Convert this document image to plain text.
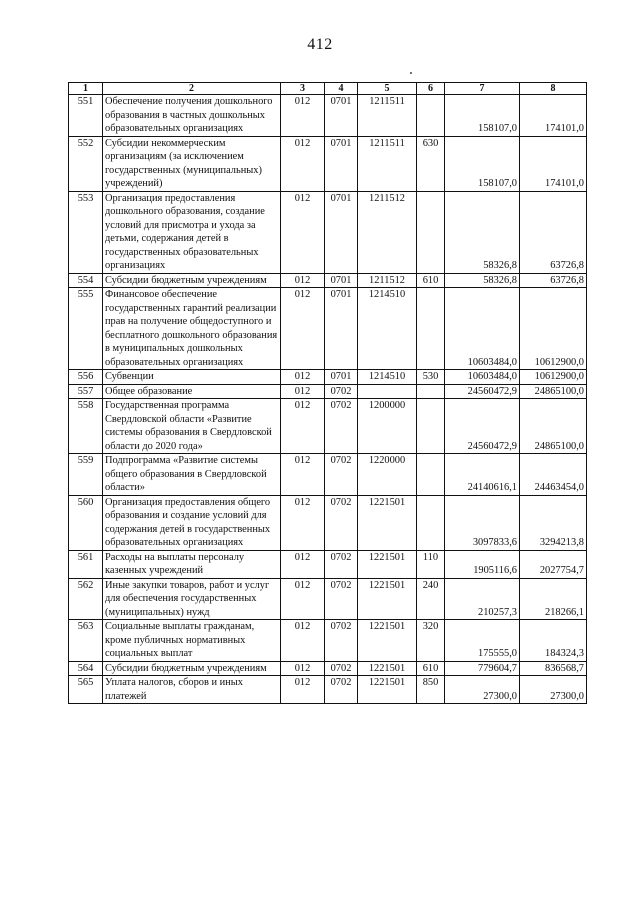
412
1	2	3	4	5	6	7	8
551	Обеспечение получения дошкольного образования в частных дошкольных образовательных организациях	012	0701	1211511		158107,0	174101,0
552	Субсидии некоммерческим организациям (за исключением государственных (муниципальных) учреждений)	012	0701	1211511	630	158107,0	174101,0
553	Организация предоставления дошкольного образования, создание условий для присмотра и ухода за детьми, содержания детей в государственных образовательных организациях	012	0701	1211512		58326,8	63726,8
554	Субсидии бюджетным учреждениям	012	0701	1211512	610	58326,8	63726,8
555	Финансовое обеспечение государственных гарантий реализации прав на получение общедоступного и бесплатного дошкольного образования в муниципальных дошкольных образовательных организациях	012	0701	1214510		10603484,0	10612900,0
556	Субвенции	012	0701	1214510	530	10603484,0	10612900,0
557	Общее образование	012	0702			24560472,9	24865100,0
558	Государственная программа Свердловской области «Развитие системы образования в Свердловской области до 2020 года»	012	0702	1200000		24560472,9	24865100,0
559	Подпрограмма «Развитие системы общего образования в Свердловской области»	012	0702	1220000		24140616,1	24463454,0
560	Организация предоставления общего образования и создание условий для содержания детей в государственных образовательных организациях	012	0702	1221501		3097833,6	3294213,8
561	Расходы на выплаты персоналу казенных учреждений	012	0702	1221501	110	1905116,6	2027754,7
562	Иные закупки товаров, работ и услуг для обеспечения государственных (муниципальных) нужд	012	0702	1221501	240	210257,3	218266,1
563	Социальные выплаты гражданам, кроме публичных нормативных социальных выплат	012	0702	1221501	320	175555,0	184324,3
564	Субсидии бюджетным учреждениям	012	0702	1221501	610	779604,7	836568,7
565	Уплата налогов, сборов и иных платежей	012	0702	1221501	850	27300,0	27300,0
